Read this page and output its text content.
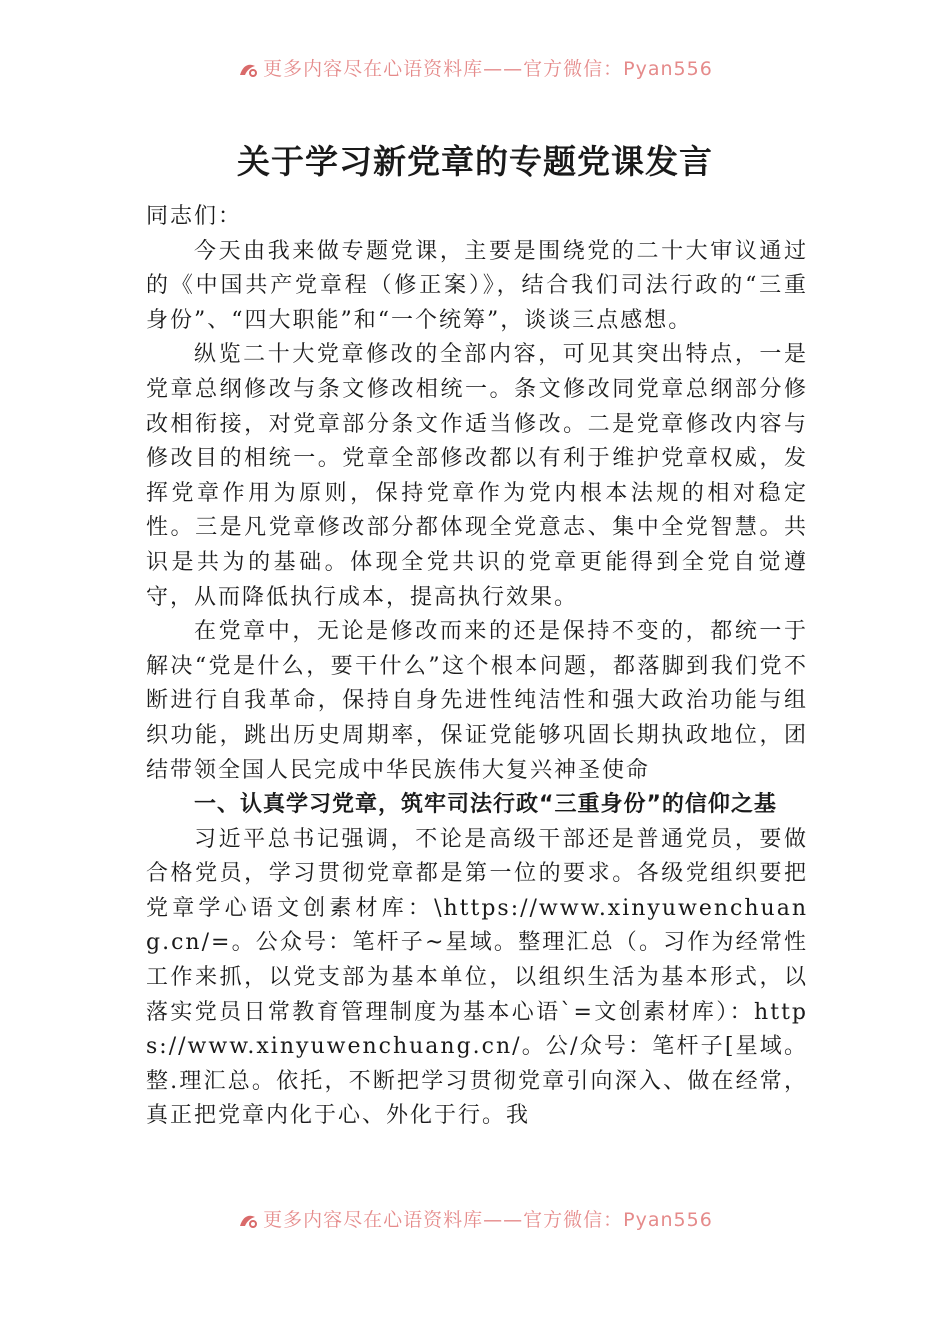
更多内容尽在心语资料库——官方微信：Pyan556
关于学习新党章的专题党课发言

同志们：

今天由我来做专题党课，主要是围绕党的二十大审议通过的《中国共产党章程（修正案）》，结合我们司法行政的“三重身份”、“四大职能”和“一个统筹”，谈谈三点感想。

纵览二十大党章修改的全部内容，可见其突出特点，一是党章总纲修改与条文修改相统一。条文修改同党章总纲部分修改相衔接，对党章部分条文作适当修改。二是党章修改内容与修改目的相统一。党章全部修改都以有利于维护党章权威，发挥党章作用为原则，保持党章作为党内根本法规的相对稳定性。三是凡党章修改部分都体现全党意志、集中全党智慧。共识是共为的基础。体现全党共识的党章更能得到全党自觉遵守，从而降低执行成本，提高执行效果。

在党章中，无论是修改而来的还是保持不变的，都统一于解决“党是什么，要干什么”这个根本问题，都落脚到我们党不断进行自我革命，保持自身先进性纯洁性和强大政治功能与组织功能，跳出历史周期率，保证党能够巩固长期执政地位，团结带领全国人民完成中华民族伟大复兴神圣使命

一、认真学习党章，筑牢司法行政“三重身份”的信仰之基

习近平总书记强调，不论是高级干部还是普通党员，要做合格党员，学习贯彻党章都是第一位的要求。各级党组织要把党章学心语文创素材库：\https://www.xinyuwenchuang.cn/=。公众号：笔杆子~星域。整理汇总（。习作为经常性工作来抓，以党支部为基本单位，以组织生活为基本形式，以落实党员日常教育管理制度为基本心语`=文创素材库）：https://www.xinyuwenchuang.cn/。公/众号：笔杆子[星域。整.理汇总。依托，不断把学习贯彻党章引向深入、做在经常，真正把党章内化于心、外化于行。我

更多内容尽在心语资料库——官方微信：Pyan556
